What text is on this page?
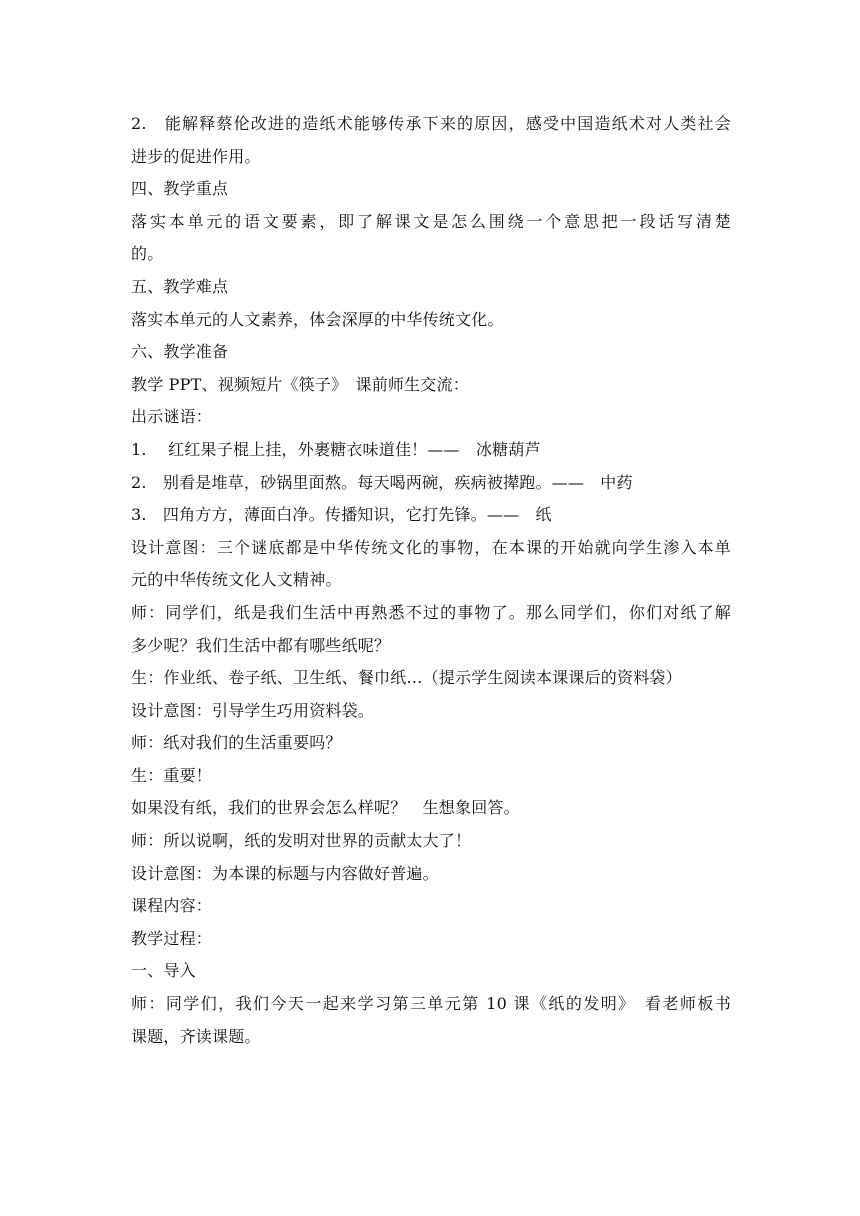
2.　能解释蔡伦改进的造纸术能够传承下来的原因，感受中国造纸术对人类社会
进步的促进作用。
四、教学重点
落实本单元的语文要素，即了解课文是怎么围绕一个意思把一段话写清楚
的。
五、教学难点
落实本单元的人文素养，体会深厚的中华传统文化。
六、教学准备
教学 PPT、视频短片《筷子》　课前师生交流：
出示谜语：
1.　 红红果子棍上挂，外裹糖衣味道佳！——　冰糖葫芦
2.　别看是堆草，砂锅里面熬。每天喝两碗，疾病被撵跑。——　中药
3.　四角方方，薄面白净。传播知识，它打先锋。——　纸
设计意图：三个谜底都是中华传统文化的事物，在本课的开始就向学生渗入本单
元的中华传统文化人文精神。
师：同学们，纸是我们生活中再熟悉不过的事物了。那么同学们，你们对纸了解
多少呢？我们生活中都有哪些纸呢？
生：作业纸、卷子纸、卫生纸、餐巾纸…（提示学生阅读本课课后的资料袋）
设计意图：引导学生巧用资料袋。
师：纸对我们的生活重要吗？
生：重要！
如果没有纸，我们的世界会怎么样呢？　生想象回答。
师：所以说啊，纸的发明对世界的贡献太大了！
设计意图：为本课的标题与内容做好普遍。
课程内容：
教学过程：
一、导入
师：同学们，我们今天一起来学习第三单元第 10 课《纸的发明》　看老师板书
课题，齐读课题。
